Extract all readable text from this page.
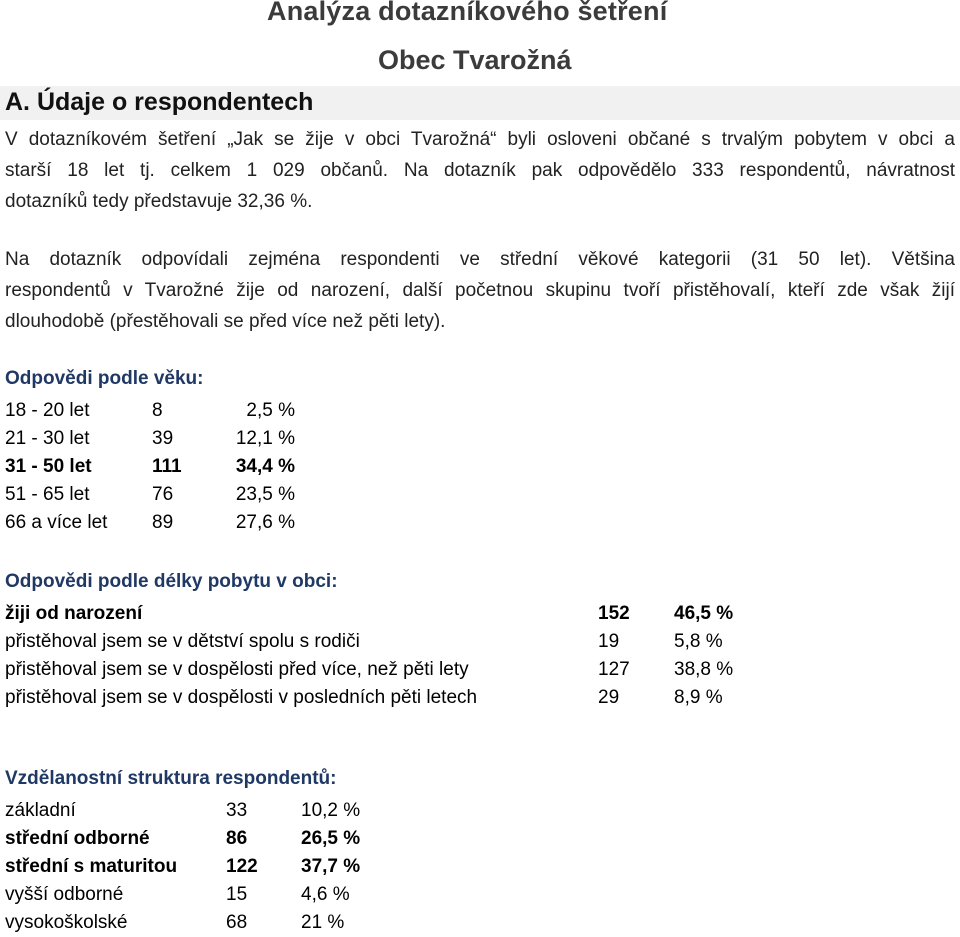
Analýza dotazníkového šetření
Obec Tvarožná
A. Údaje o respondentech

V dotazníkovém šetření „Jak se žije v obci Tvarožná“ byli osloveni občané s trvalým pobytem v obci a
starší 18 let tj. celkem 1 029 občanů. Na dotazník pak odpovědělo 333 respondentů, návratnost
dotazníků tedy představuje 32,36 %.

Na dotazník odpovídali zejména respondenti ve střední věkové kategorii (31 50 let). Většina
respondentů v Tvarožné žije od narození, další početnou skupinu tvoří přistěhovalí, kteří zde však žijí
dlouhodobě (přestěhovali se před více než pěti lety).

Odpovědi podle věku:
18 - 20 let	8	2,5 %
21 - 30 let	39	12,1 %
31 - 50 let	111	34,4 %
51 - 65 let	76	23,5 %
66 a více let	89	27,6 %
Odpovědi podle délky pobytu v obci:
žiji od narození	152	46,5 %
přistěhoval jsem se v dětství spolu s rodiči	19	5,8 %
přistěhoval jsem se v dospělosti před více, než pěti lety	127	38,8 %
přistěhoval jsem se v dospělosti v posledních pěti letech	29	8,9 %
Vzdělanostní struktura respondentů:
základní	33	10,2 %
střední odborné	86	26,5 %
střední s maturitou	122	37,7 %
vyšší odborné	15	4,6 %
vysokoškolské	68	21 %
